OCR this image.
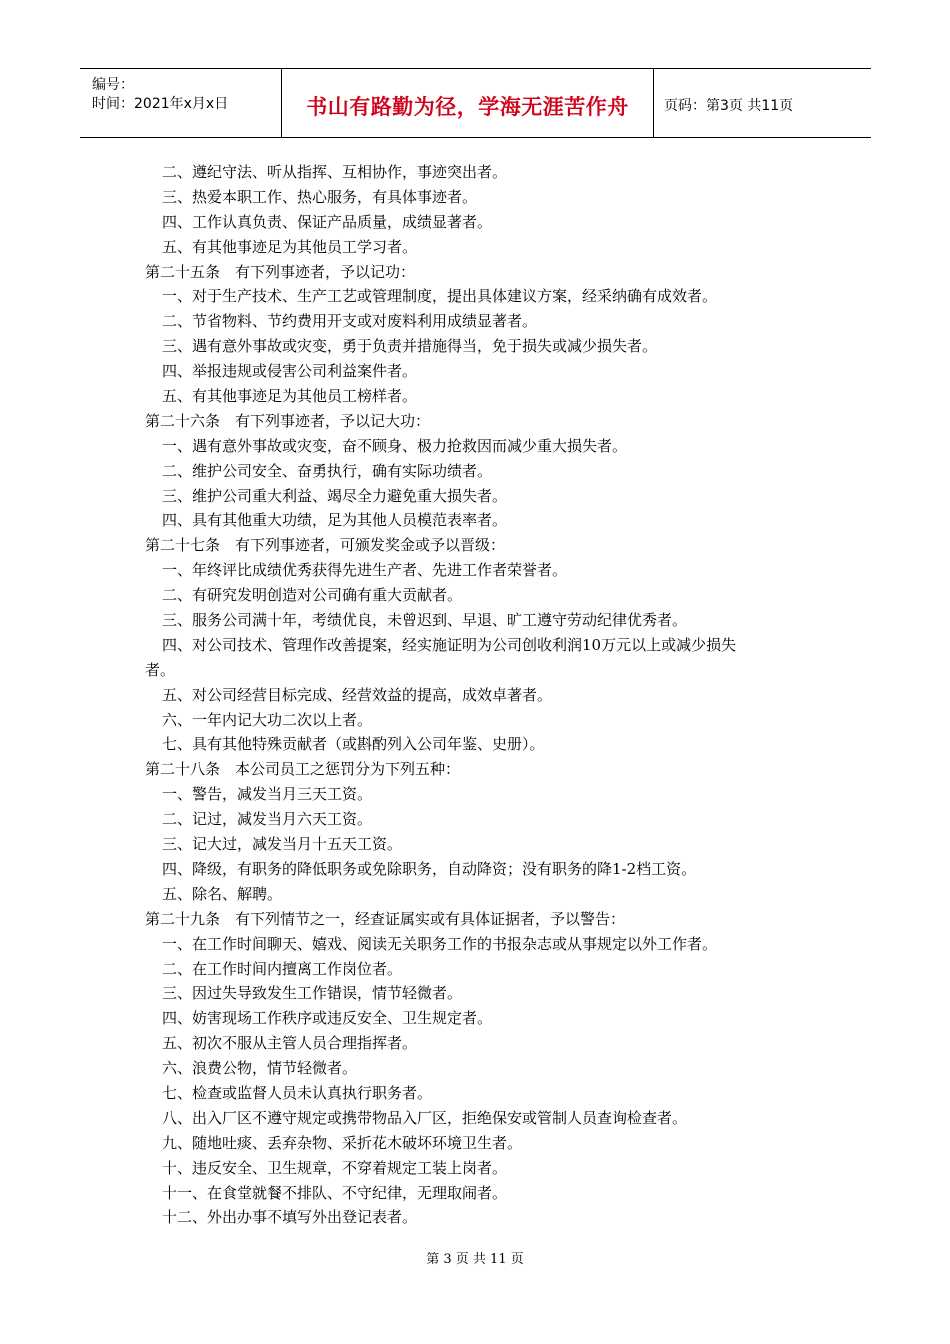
编号：
时间：2021年x月x日	书山有路勤为径，学海无涯苦作舟	页码：第3页 共11页
二、遵纪守法、听从指挥、互相协作，事迹突出者。
三、热爱本职工作、热心服务，有具体事迹者。
四、工作认真负责、保证产品质量，成绩显著者。
五、有其他事迹足为其他员工学习者。
第二十五条　有下列事迹者，予以记功：
一、对于生产技术、生产工艺或管理制度，提出具体建议方案，经采纳确有成效者。
二、节省物料、节约费用开支或对废料利用成绩显著者。
三、遇有意外事故或灾变，勇于负责并措施得当，免于损失或减少损失者。
四、举报违规或侵害公司利益案件者。
五、有其他事迹足为其他员工榜样者。
第二十六条　有下列事迹者，予以记大功：
一、遇有意外事故或灾变，奋不顾身、极力抢救因而减少重大损失者。
二、维护公司安全、奋勇执行，确有实际功绩者。
三、维护公司重大利益、竭尽全力避免重大损失者。
四、具有其他重大功绩，足为其他人员模范表率者。
第二十七条　有下列事迹者，可颁发奖金或予以晋级：
一、年终评比成绩优秀获得先进生产者、先进工作者荣誉者。
二、有研究发明创造对公司确有重大贡献者。
三、服务公司满十年，考绩优良，未曾迟到、早退、旷工遵守劳动纪律优秀者。
四、对公司技术、管理作改善提案，经实施证明为公司创收利润10万元以上或减少损失
者。
五、对公司经营目标完成、经营效益的提高，成效卓著者。
六、一年内记大功二次以上者。
七、具有其他特殊贡献者（或斟酌列入公司年鉴、史册）。
第二十八条　本公司员工之惩罚分为下列五种：
一、警告，减发当月三天工资。
二、记过，减发当月六天工资。
三、记大过，减发当月十五天工资。
四、降级，有职务的降低职务或免除职务，自动降资；没有职务的降1-2档工资。
五、除名、解聘。
第二十九条　有下列情节之一，经查证属实或有具体证据者，予以警告：
一、在工作时间聊天、嬉戏、阅读无关职务工作的书报杂志或从事规定以外工作者。
二、在工作时间内擅离工作岗位者。
三、因过失导致发生工作错误，情节轻微者。
四、妨害现场工作秩序或违反安全、卫生规定者。
五、初次不服从主管人员合理指挥者。
六、浪费公物，情节轻微者。
七、检查或监督人员未认真执行职务者。
八、出入厂区不遵守规定或携带物品入厂区，拒绝保安或管制人员查询检查者。
九、随地吐痰、丢弃杂物、采折花木破坏环境卫生者。
十、违反安全、卫生规章，不穿着规定工装上岗者。
十一、在食堂就餐不排队、不守纪律，无理取闹者。
十二、外出办事不填写外出登记表者。
第 3 页 共 11 页
